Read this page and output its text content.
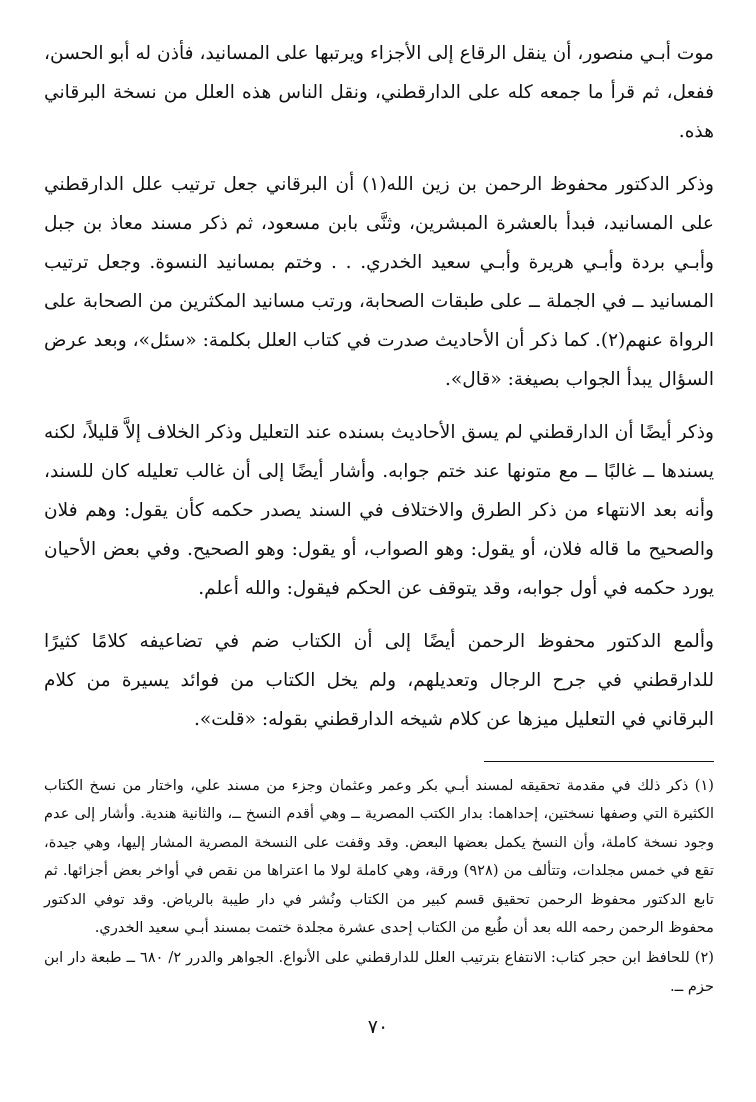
موت أبـي منصور، أن ينقل الرقاع إلى الأجزاء ويرتبها على المسانيد، فأذن له أبو الحسن، ففعل، ثم قرأ ما جمعه كله على الدارقطني، ونقل الناس هذه العلل من نسخة البرقاني هذه.

وذكر الدكتور محفوظ الرحمن بن زين الله(١) أن البرقاني جعل ترتيب علل الدارقطني على المسانيد، فبدأ بالعشرة المبشرين، وثنَّى بابن مسعود، ثم ذكر مسند معاذ بن جبل وأبـي بردة وأبـي هريرة وأبـي سعيد الخدري. . . وختم بمسانيد النسوة. وجعل ترتيب المسانيد ــ في الجملة ــ على طبقات الصحابة، ورتب مسانيد المكثرين من الصحابة على الرواة عنهم(٢). كما ذكر أن الأحاديث صدرت في كتاب العلل بكلمة: «سئل»، وبعد عرض السؤال يبدأ الجواب بصيغة: «قال».

وذكر أيضًا أن الدارقطني لم يسق الأحاديث بسنده عند التعليل وذكر الخلاف إلاَّ قليلاً، لكنه يسندها ــ غالبًا ــ مع متونها عند ختم جوابه. وأشار أيضًا إلى أن غالب تعليله كان للسند، وأنه بعد الانتهاء من ذكر الطرق والاختلاف في السند يصدر حكمه كأن يقول: وهم فلان والصحيح ما قاله فلان، أو يقول: وهو الصواب، أو يقول: وهو الصحيح. وفي بعض الأحيان يورد حكمه في أول جوابه، وقد يتوقف عن الحكم فيقول: والله أعلم.

وألمع الدكتور محفوظ الرحمن أيضًا إلى أن الكتاب ضم في تضاعيفه كلامًا كثيرًا للدارقطني في جرح الرجال وتعديلهم، ولم يخل الكتاب من فوائد يسيرة من كلام البرقاني في التعليل ميزها عن كلام شيخه الدارقطني بقوله: «قلت».

(١) ذكر ذلك في مقدمة تحقيقه لمسند أبـي بكر وعمر وعثمان وجزء من مسند علي، واختار من نسخ الكتاب الكثيرة التي وصفها نسختين، إحداهما: بدار الكتب المصرية ــ وهي أقدم النسخ ــ، والثانية هندية. وأشار إلى عدم وجود نسخة كاملة، وأن النسخ يكمل بعضها البعض. وقد وقفت على النسخة المصرية المشار إليها، وهي جيدة، تقع في خمس مجلدات، وتتألف من (٩٢٨) ورقة، وهي كاملة لولا ما اعتراها من نقص في أواخر بعض أجزائها. ثم تابع الدكتور محفوظ الرحمن تحقيق قسم كبير من الكتاب ونُشر في دار طيبة بالرياض. وقد توفي الدكتور محفوظ الرحمن رحمه الله بعد أن طُبع من الكتاب إحدى عشرة مجلدة ختمت بمسند أبـي سعيد الخدري.

(٢) للحافظ ابن حجر كتاب: الانتفاع بترتيب العلل للدارقطني على الأنواع. الجواهر والدرر ٢/ ٦٨٠ ــ طبعة دار ابن حزم ــ.

٧٠
